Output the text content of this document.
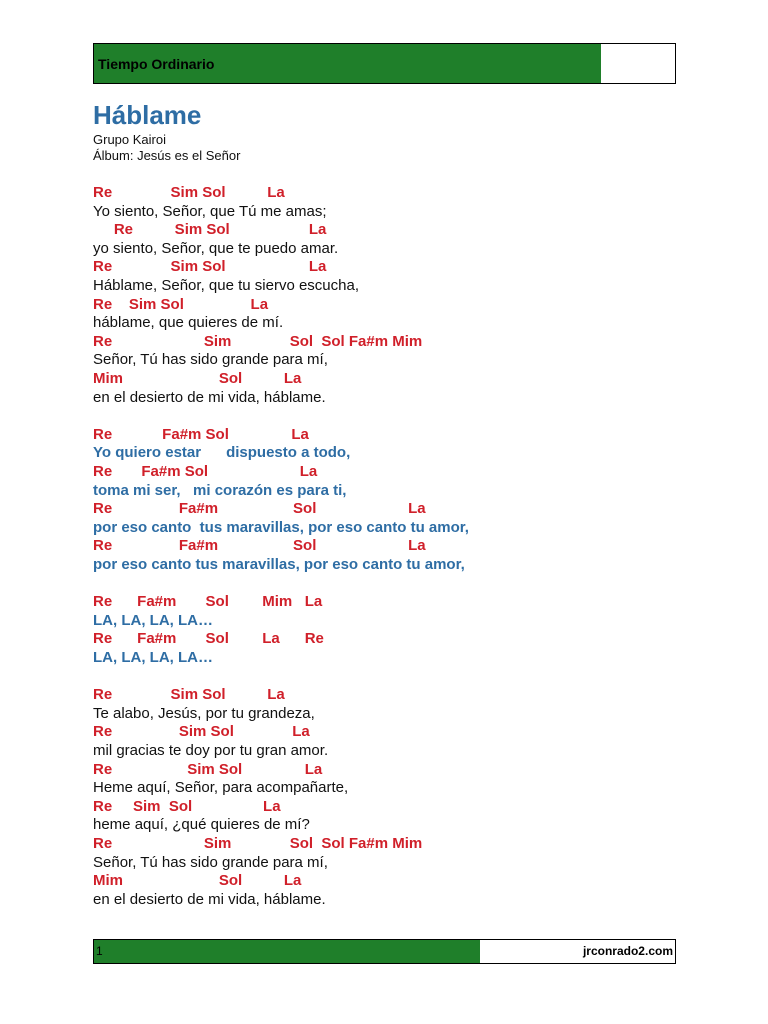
Tiempo Ordinario
Háblame
Grupo Kairoi
Álbum: Jesús es el Señor
Re              Sim Sol          La
Yo siento, Señor, que Tú me amas;
Re          Sim Sol                   La
yo siento, Señor, que te puedo amar.
Re              Sim Sol                    La
Háblame, Señor, que tu siervo escucha,
Re    Sim Sol                La
háblame, que quieres de mí.
Re                      Sim              Sol  Sol Fa#m Mim
Señor, Tú has sido grande para mí,
Mim                       Sol          La
en el desierto de mi vida, háblame.
Re            Fa#m Sol               La
Yo quiero estar      dispuesto a todo,
Re       Fa#m Sol                      La
toma mi ser,   mi corazón es para ti,
Re                Fa#m                  Sol                      La
por eso canto  tus maravillas, por eso canto tu amor,
Re                Fa#m                  Sol                      La
por eso canto tus maravillas, por eso canto tu amor,
Re      Fa#m       Sol        Mim   La
LA, LA, LA, LA…
Re      Fa#m       Sol        La      Re
LA, LA, LA, LA…
Re              Sim Sol          La
Te alabo, Jesús, por tu grandeza,
Re                Sim Sol              La
mil gracias te doy por tu gran amor.
Re                  Sim Sol               La
Heme aquí, Señor, para acompañarte,
Re     Sim  Sol                 La
heme aquí, ¿qué quieres de mí?
Re                      Sim              Sol  Sol Fa#m Mim
Señor, Tú has sido grande para mí,
Mim                       Sol          La
en el desierto de mi vida, háblame.
1	jrconrado2.com
